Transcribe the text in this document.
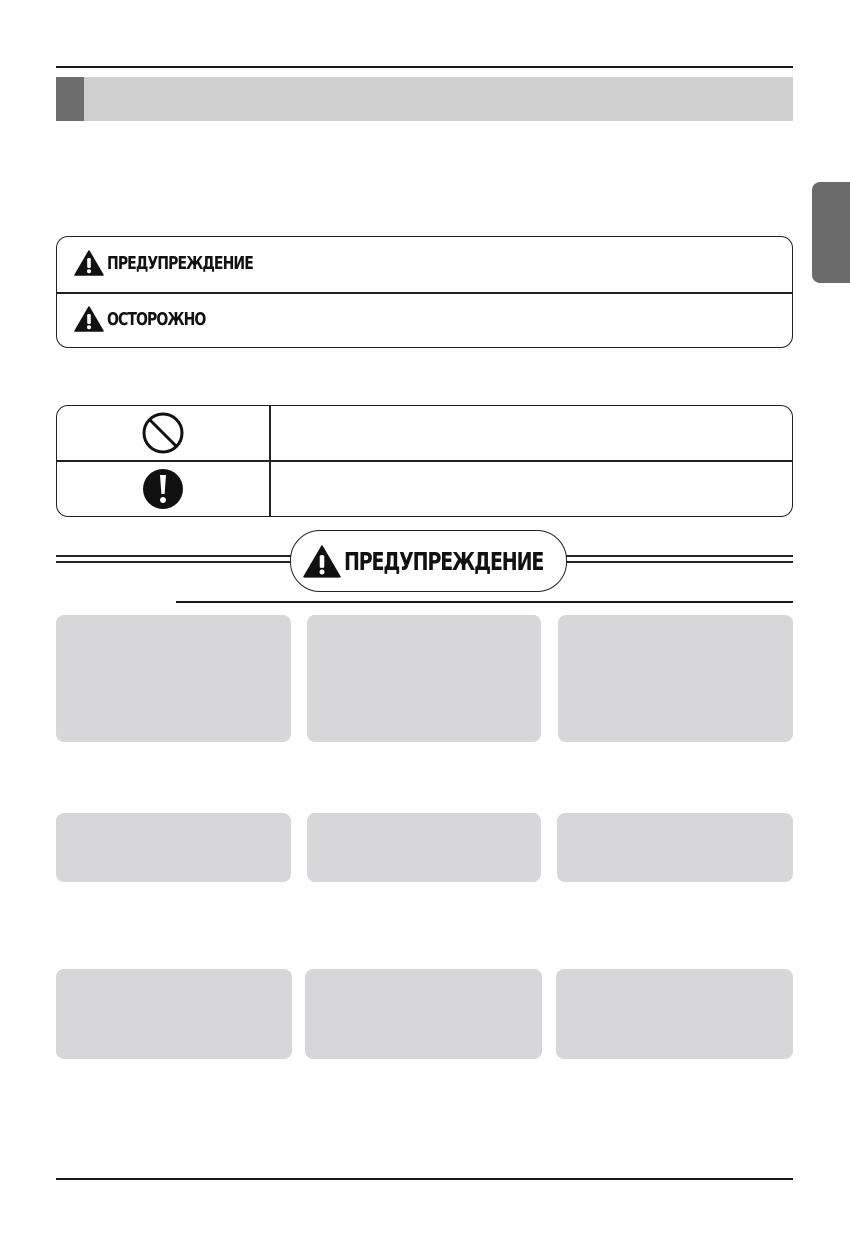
ПРЕДУПРЕЖДЕНИЕ
ОСТОРОЖНО
ПРЕДУПРЕЖДЕНИЕ
